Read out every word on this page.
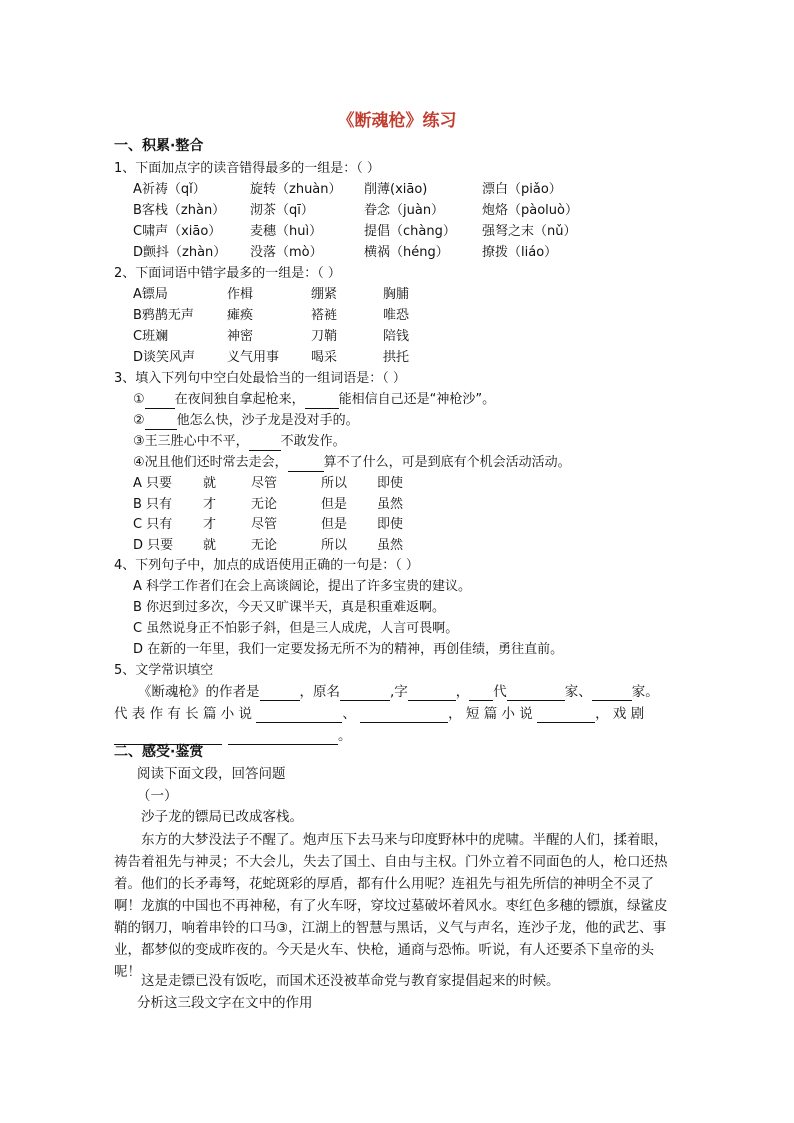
《断魂枪》练习
一、积累·整合
1、下面加点字的读音错得最多的一组是：（ ）
A祈祷（qǐ）	旋转（zhuàn） 削薄(xiāo)	漂白（piǎo）
B客栈（zhàn） 沏茶（qī）	眷念（juàn）	炮烙（pàoluò）
C啸声（xiāo） 麦穗（huì）	提倡（chàng） 强弩之末（nǔ）
D颤抖（zhàn） 没落（mò）	横祸（héng）	撩拨（liáo）
2、下面词语中错字最多的一组是：（ ）
A镖局	作楫	绷紧	胸脯
B鸦鹊无声	瘫痪	褡裢	唯恐
C班斓	神密	刀鞘	陪钱
D谈笑风声 义气用事 喝采	拱托
3、填入下列句中空白处最恰当的一组词语是：（ ）
① 在夜间独自拿起枪来，	能相信自己还是“神枪沙”。
② 他怎么快，沙子龙是没对手的。
③王三胜心中不平， 不敢发作。
④况且他们还时常去走会，	算不了什么，可是到底有个机会活动活动。
A 只要 就	尽管	所以 即使
B 只有 才	无论	但是 虽然
C 只有 才	尽管	但是 即使
D 只要 就	无论	所以 虽然
4、下列句子中，加点的成语使用正确的一句是：（ ）
A 科学工作者们在会上高谈阔论，提出了许多宝贵的建议。
B 你迟到过多次，今天又旷课半天，真是积重难返啊。
C 虽然说身正不怕影子斜，但是三人成虎，人言可畏啊。
D 在新的一年里，我们一定要发扬无所不为的精神，再创佳绩，勇往直前。
5、文学常识填空
《断魂枪》的作者是	，原名	,字	， 代	家、	家。
代 表 作 有 长 篇 小 说	、	， 短 篇 小 说	， 戏 剧
。
二、感受·鉴赏
阅读下面文段，回答问题
（一）
沙子龙的镖局已改成客栈。
东方的大梦没法子不醒了。炮声压下去马来与印度野林中的虎啸。半醒的人们，揉着眼，祷告着祖先与神灵；不大会儿，失去了国土、自由与主权。门外立着不同面色的人，枪口还热着。他们的长矛毒弩，花蛇斑彩的厚盾，都有什么用呢？连祖先与祖先所信的神明全不灵了啊！龙旗的中国也不再神秘，有了火车呀，穿坟过墓破坏着风水。枣红色多穗的镖旗，绿鲨皮鞘的钢刀，响着串铃的口马③，江湖上的智慧与黑话，义气与声名，连沙子龙，他的武艺、事业，都梦似的变成昨夜的。今天是火车、快枪，通商与恐怖。听说，有人还要杀下皇帝的头呢！
这是走镖已没有饭吃，而国术还没被革命党与教育家提倡起来的时候。
分析这三段文字在文中的作用
